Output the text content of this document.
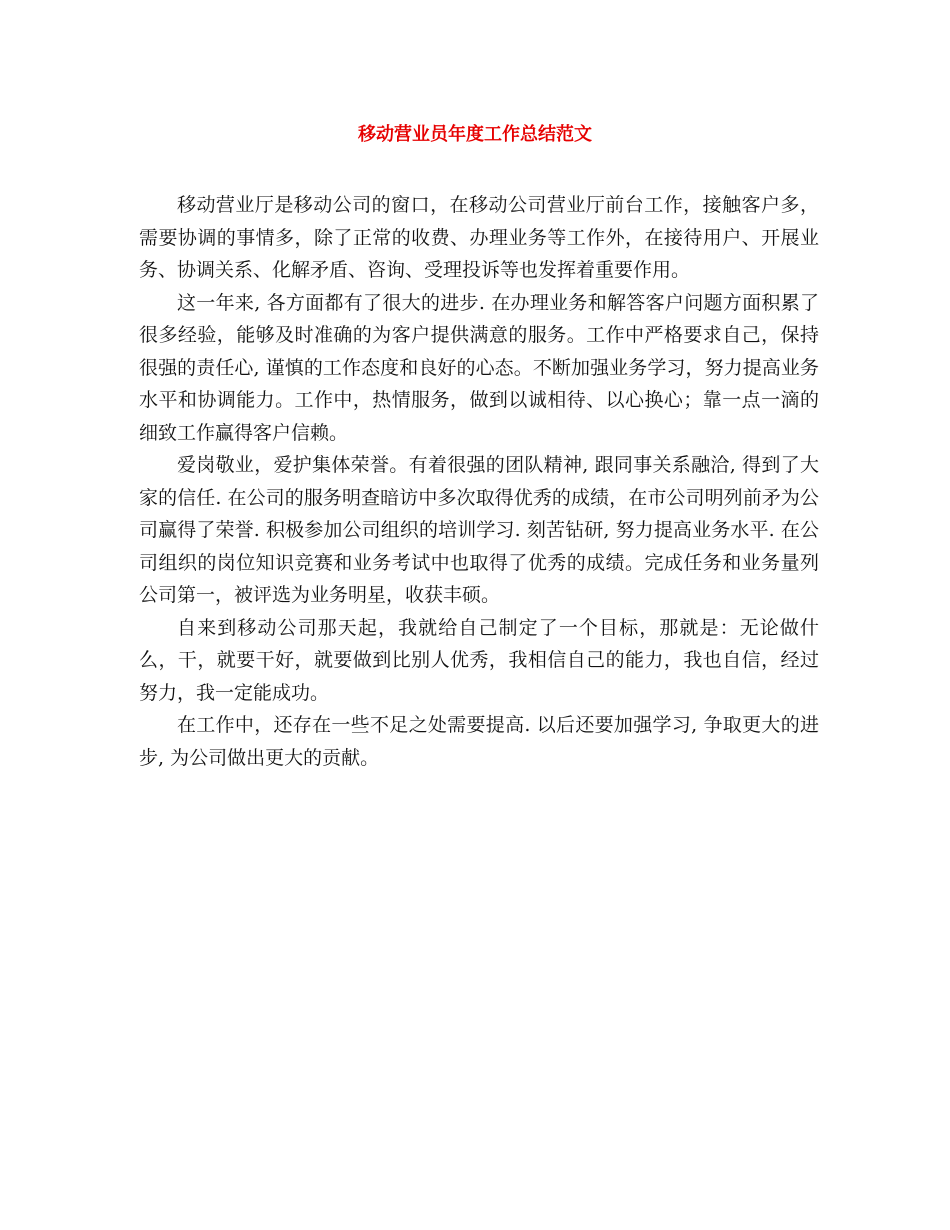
移动营业员年度工作总结范文

移动营业厅是移动公司的窗口，在移动公司营业厅前台工作，接触客户多，需要协调的事情多，除了正常的收费、办理业务等工作外，在接待用户、开展业务、协调关系、化解矛盾、咨询、受理投诉等也发挥着重要作用。

这一年来, 各方面都有了很大的进步. 在办理业务和解答客户问题方面积累了很多经验，能够及时准确的为客户提供满意的服务。工作中严格要求自己，保持很强的责任心, 谨慎的工作态度和良好的心态。不断加强业务学习，努力提高业务水平和协调能力。工作中，热情服务，做到以诚相待、以心换心；靠一点一滴的细致工作赢得客户信赖。

爱岗敬业，爱护集体荣誉。有着很强的团队精神, 跟同事关系融洽, 得到了大家的信任. 在公司的服务明查暗访中多次取得优秀的成绩，在市公司明列前矛为公司赢得了荣誉. 积极参加公司组织的培训学习. 刻苦钻研, 努力提高业务水平. 在公司组织的岗位知识竞赛和业务考试中也取得了优秀的成绩。完成任务和业务量列公司第一，被评选为业务明星，收获丰硕。

自来到移动公司那天起，我就给自己制定了一个目标，那就是：无论做什么，干，就要干好，就要做到比别人优秀，我相信自己的能力，我也自信，经过努力，我一定能成功。

在工作中，还存在一些不足之处需要提高. 以后还要加强学习, 争取更大的进步, 为公司做出更大的贡献。
